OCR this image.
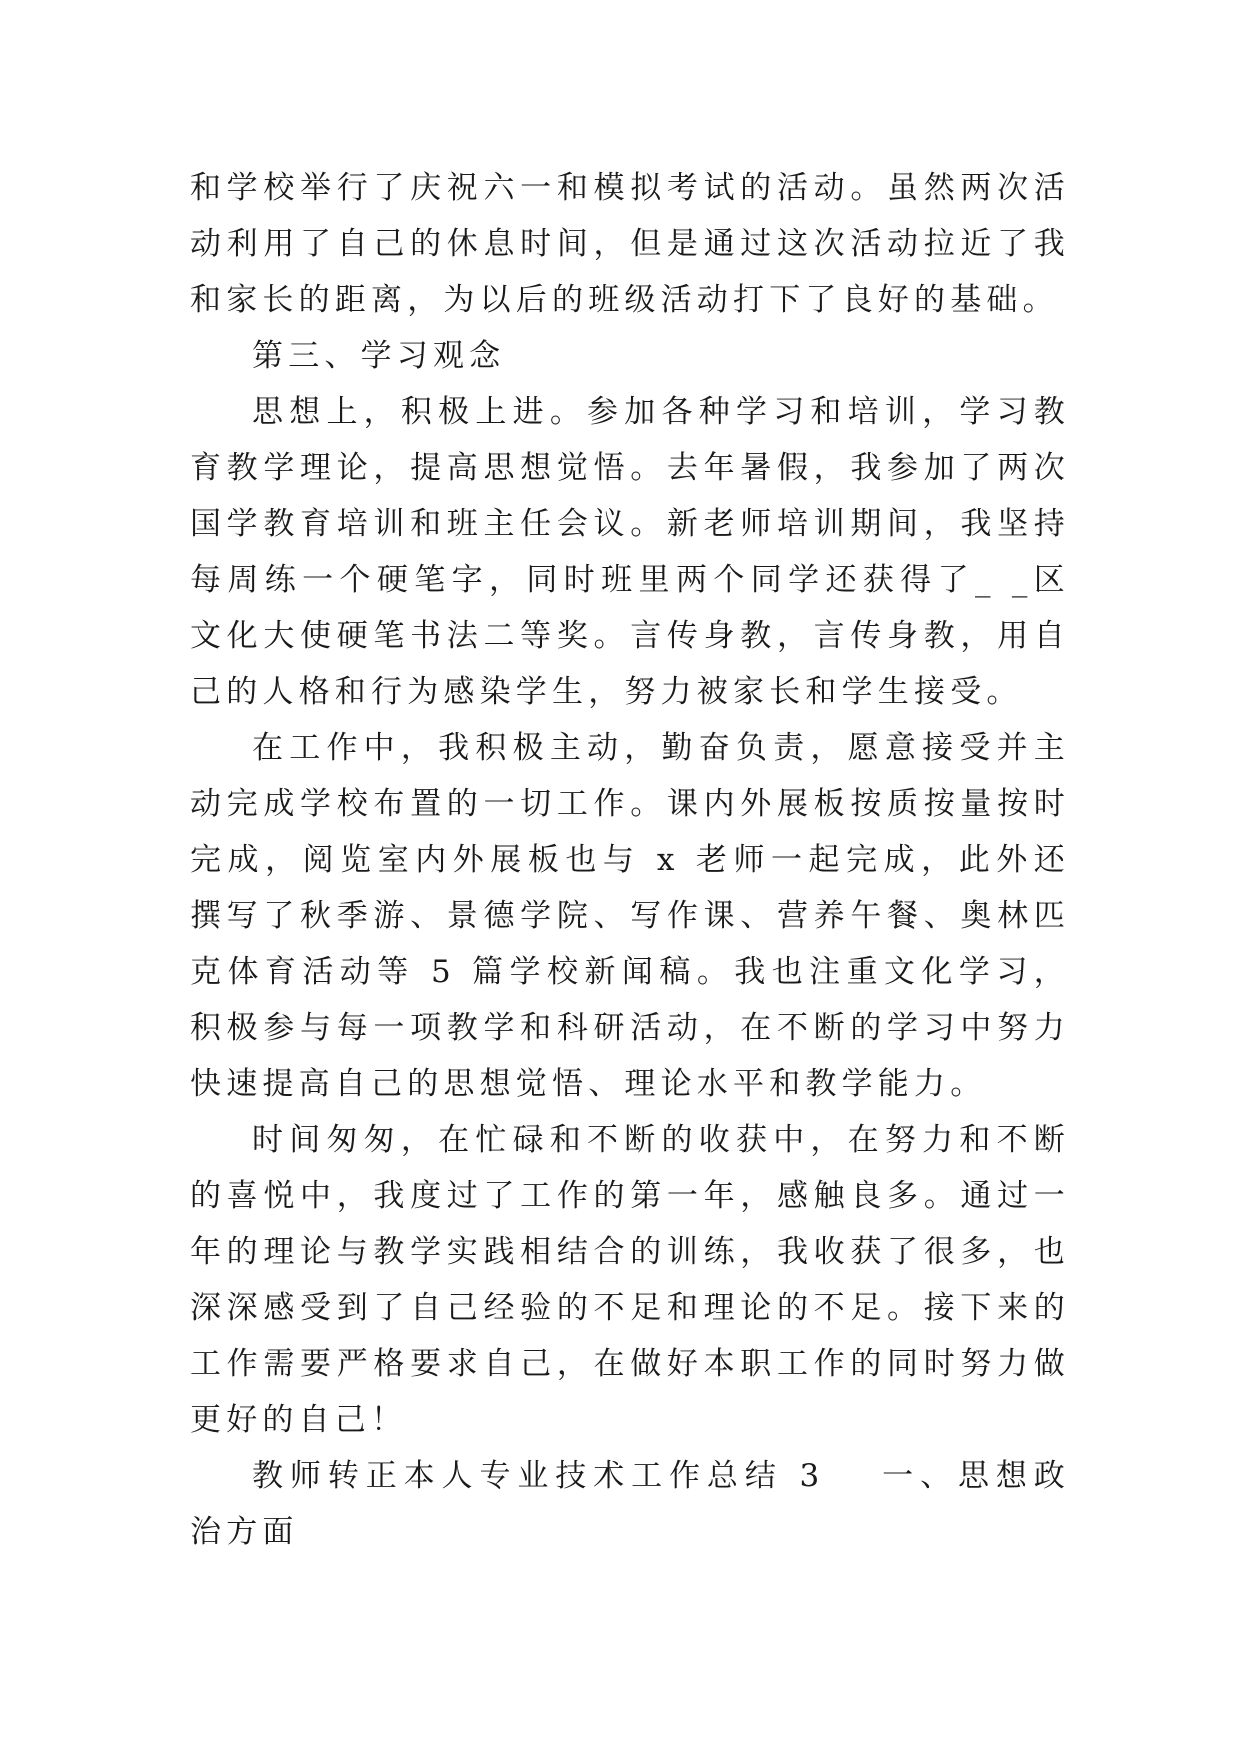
和学校举行了庆祝六一和模拟考试的活动。虽然两次活动利用了自己的休息时间，但是通过这次活动拉近了我和家长的距离，为以后的班级活动打下了良好的基础。

第三、学习观念

思想上，积极上进。参加各种学习和培训，学习教育教学理论，提高思想觉悟。去年暑假，我参加了两次国学教育培训和班主任会议。新老师培训期间，我坚持每周练一个硬笔字，同时班里两个同学还获得了_ _区文化大使硬笔书法二等奖。言传身教，言传身教，用自己的人格和行为感染学生，努力被家长和学生接受。

在工作中，我积极主动，勤奋负责，愿意接受并主动完成学校布置的一切工作。课内外展板按质按量按时完成，阅览室内外展板也与 x 老师一起完成，此外还撰写了秋季游、景德学院、写作课、营养午餐、奥林匹克体育活动等 5 篇学校新闻稿。我也注重文化学习，积极参与每一项教学和科研活动，在不断的学习中努力快速提高自己的思想觉悟、理论水平和教学能力。

时间匆匆，在忙碌和不断的收获中，在努力和不断的喜悦中，我度过了工作的第一年，感触良多。通过一年的理论与教学实践相结合的训练，我收获了很多，也深深感受到了自己经验的不足和理论的不足。接下来的工作需要严格要求自己，在做好本职工作的同时努力做更好的自己！

教师转正本人专业技术工作总结 3 一、思想政治方面
